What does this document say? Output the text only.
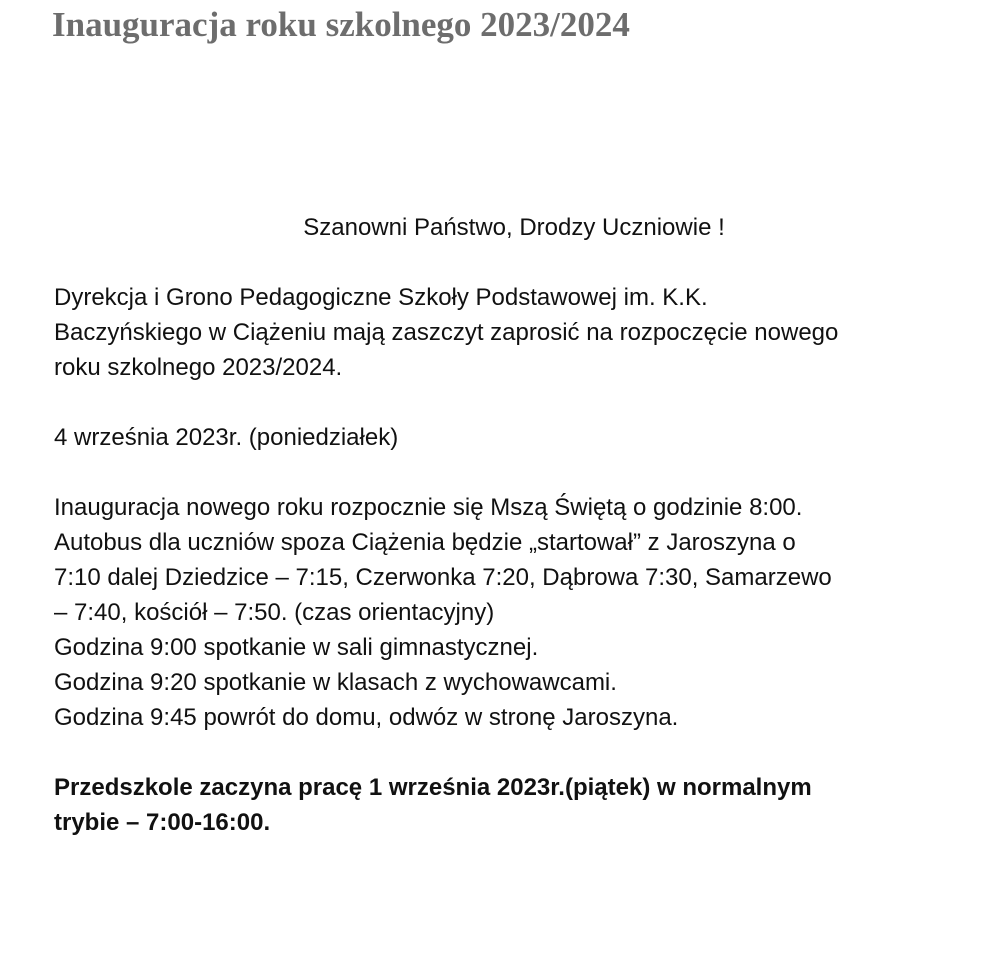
Inauguracja roku szkolnego 2023/2024

Szanowni Państwo, Drodzy Uczniowie !

Dyrekcja i Grono Pedagogiczne Szkoły Podstawowej im. K.K.
Baczyńskiego w Ciążeniu mają zaszczyt zaprosić na rozpoczęcie nowego
roku szkolnego 2023/2024.

4 września 2023r. (poniedziałek)

Inauguracja nowego roku rozpocznie się Mszą Świętą o godzinie 8:00.
Autobus dla uczniów spoza Ciążenia będzie „startował” z Jaroszyna o
7:10 dalej Dziedzice – 7:15, Czerwonka 7:20, Dąbrowa 7:30, Samarzewo
– 7:40, kościół – 7:50. (czas orientacyjny)
Godzina 9:00 spotkanie w sali gimnastycznej.
Godzina 9:20 spotkanie w klasach z wychowawcami.
Godzina 9:45 powrót do domu, odwóz w stronę Jaroszyna.

Przedszkole zaczyna pracę 1 września 2023r.(piątek) w normalnym
trybie – 7:00-16:00.
